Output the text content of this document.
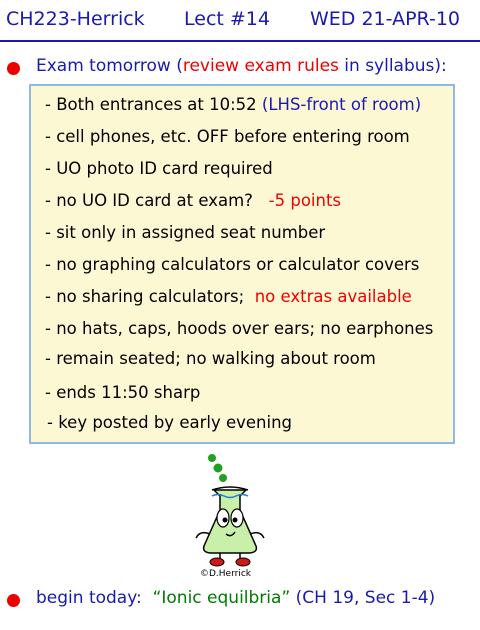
CH223-Herrick Lect #14 WED 21-APR-10
Exam tomorrow (review exam rules in syllabus):
- Both entrances at 10:52 (LHS-front of room)
- cell phones, etc. OFF before entering room
- UO photo ID card required
- no UO ID card at exam?   -5 points
- sit only in assigned seat number
- no graphing calculators or calculator covers
- no sharing calculators;  no extras available
- no hats, caps, hoods over ears; no earphones
- remain seated; no walking about room
- ends 11:50 sharp
- key posted by early evening
©D.Herrick
begin today:  “Ionic equilbria” (CH 19, Sec 1-4)
